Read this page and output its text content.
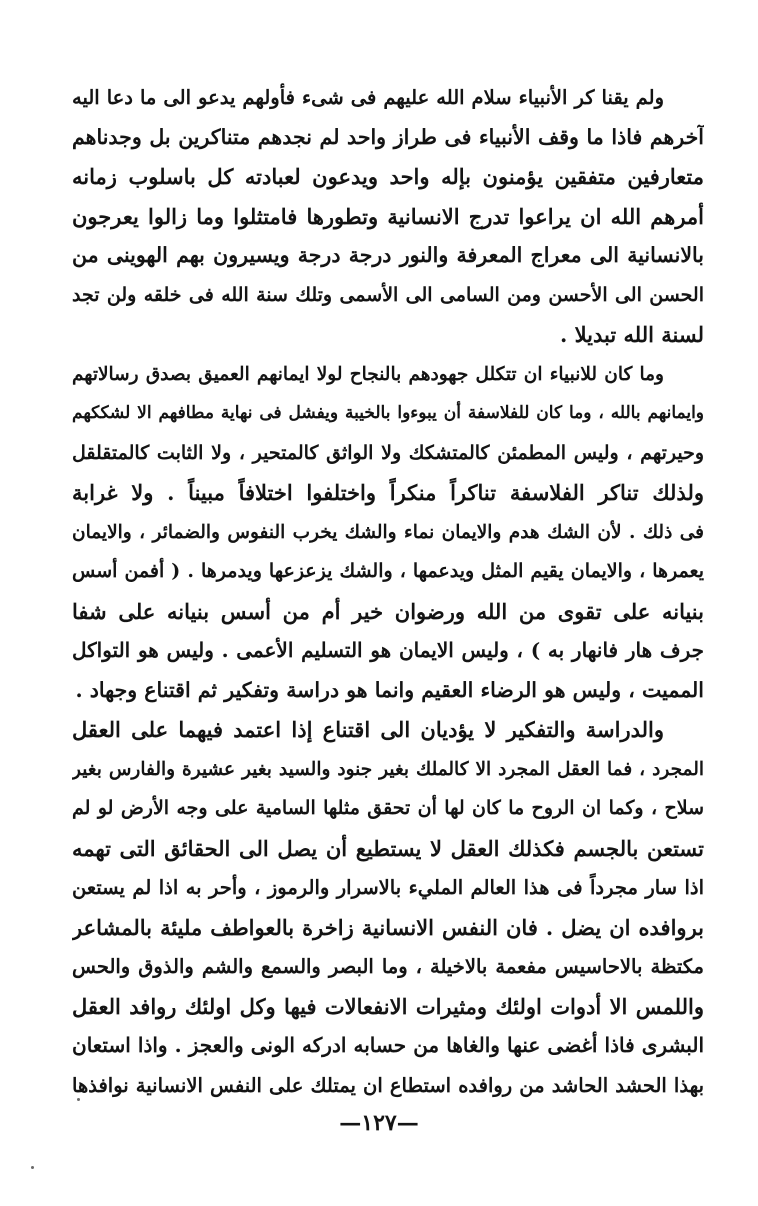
ولم يقنا كر الأنبياء سلام الله عليهم فى شىء فأولهم يدعو الى ما دعا اليه
آخرهم فاذا ما وقف الأنبياء فى طراز واحد لم نجدهم متناكرين بل وجدناهم
متعارفين متفقين يؤمنون بإله واحد ويدعون لعبادته كل باسلوب زمانه
أمرهم الله ان يراعوا تدرج الانسانية وتطورها فامتثلوا وما زالوا يعرجون
بالانسانية الى معراج المعرفة والنور درجة درجة ويسيرون بهم الهوينى من
الحسن الى الأحسن ومن السامى الى الأسمى وتلك سنة الله فى خلقه ولن تجد
لسنة الله تبديلا .

وما كان للانبياء ان تتكلل جهودهم بالنجاح لولا ايمانهم العميق بصدق رسالاتهم
وايمانهم بالله ، وما كان للفلاسفة أن يبوءوا بالخيبة ويفشل فى نهاية مطافهم الا لشككهم
وحيرتهم ، وليس المطمئن كالمتشكك ولا الواثق كالمتحير ، ولا الثابت كالمتقلقل
ولذلك تناكر الفلاسفة تناكراً منكراً واختلفوا اختلافاً مبيناً . ولا غرابة
فى ذلك . لأن الشك هدم والايمان نماء والشك يخرب النفوس والضمائر ، والايمان
يعمرها ، والايمان يقيم المثل ويدعمها ، والشك يزعزعها ويدمرها . ( أفمن أسس
بنيانه على تقوى من الله ورضوان خير أم من أسس بنيانه على شفا
جرف هار فانهار به ) ، وليس الايمان هو التسليم الأعمى . وليس هو التواكل
المميت ، وليس هو الرضاء العقيم وانما هو دراسة وتفكير ثم اقتناع وجهاد .

والدراسة والتفكير لا يؤديان الى اقتناع إذا اعتمد فيهما على العقل
المجرد ، فما العقل المجرد الا كالملك بغير جنود والسيد بغير عشيرة والفارس بغير
سلاح ، وكما ان الروح ما كان لها أن تحقق مثلها السامية على وجه الأرض لو لم
تستعن بالجسم فكذلك العقل لا يستطيع أن يصل الى الحقائق التى تهمه
اذا سار مجرداً فى هذا العالم المليء بالاسرار والرموز ، وأحر به اذا لم يستعن
بروافده ان يضل . فان النفس الانسانية زاخرة بالعواطف مليئة بالمشاعر
مكتظة بالاحاسيس مفعمة بالاخيلة ، وما البصر والسمع والشم والذوق والحس
واللمس الا أدوات اولئك ومثيرات الانفعالات فيها وكل اولئك روافد العقل
البشرى فاذا أغضى عنها والغاها من حسابه ادركه الونى والعجز . واذا استعان
بهذا الحشد الحاشد من روافده استطاع ان يمتلك على النفس الانسانية نوافذها

—١٢٧—
